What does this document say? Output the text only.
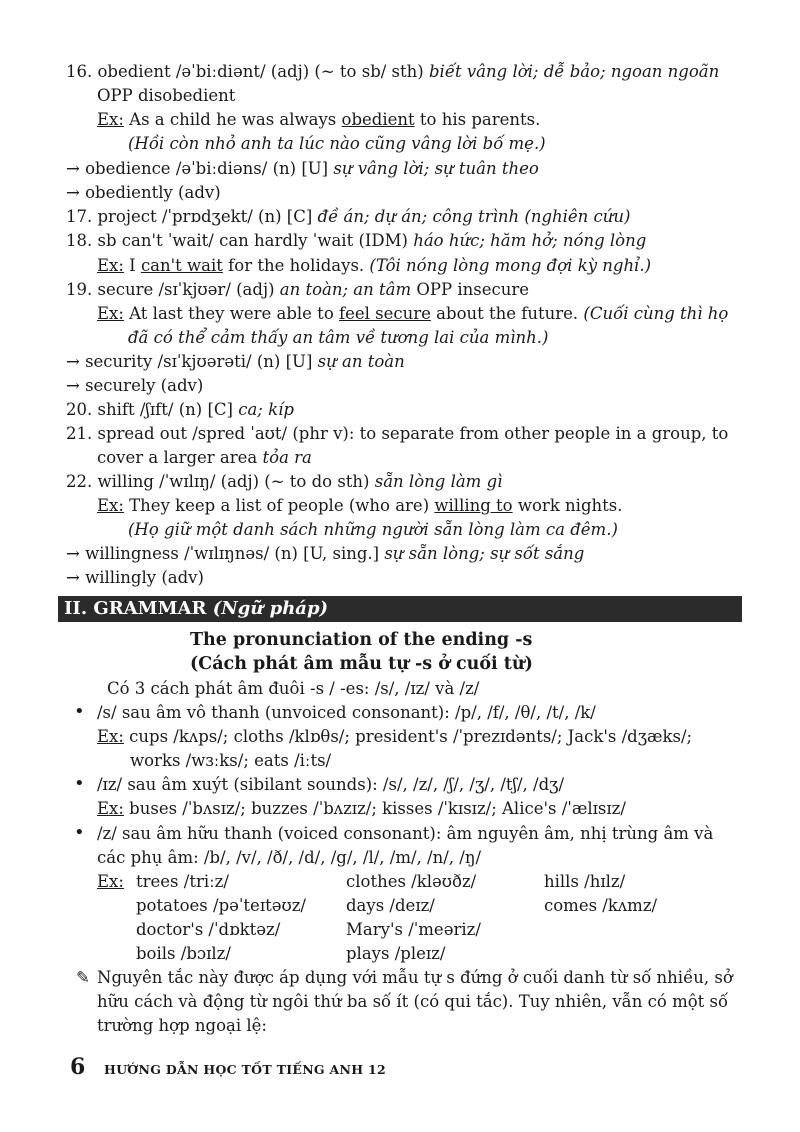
16. obedient /əˈbiːdiənt/ (adj) (~ to sb/ sth) biết vâng lời; dễ bảo; ngoan ngoãn
OPP disobedient
Ex: As a child he was always obedient to his parents.
(Hồi còn nhỏ anh ta lúc nào cũng vâng lời bố mẹ.)
→ obedience /əˈbiːdiəns/ (n) [U] sự vâng lời; sự tuân theo
→ obediently (adv)
17. project /ˈprɒdʒekt/ (n) [C] đề án; dự án; công trình (nghiên cứu)
18. sb can't ˈwait/ can hardly ˈwait (IDM) háo hức; hăm hở; nóng lòng
Ex: I can't wait for the holidays. (Tôi nóng lòng mong đợi kỳ nghỉ.)
19. secure /sɪˈkjʊər/ (adj) an toàn; an tâm OPP insecure
Ex: At last they were able to feel secure about the future. (Cuối cùng thì họ
đã có thể cảm thấy an tâm về tương lai của mình.)
→ security /sɪˈkjʊərəti/ (n) [U] sự an toàn
→ securely (adv)
20. shift /ʃɪft/ (n) [C] ca; kíp
21. spread out /spred ˈaʊt/ (phr v): to separate from other people in a group, to
cover a larger area tỏa ra
22. willing /ˈwɪlɪŋ/ (adj) (~ to do sth) sẵn lòng làm gì
Ex: They keep a list of people (who are) willing to work nights.
(Họ giữ một danh sách những người sẵn lòng làm ca đêm.)
→ willingness /ˈwɪlɪŋnəs/ (n) [U, sing.] sự sẵn lòng; sự sốt sắng
→ willingly (adv)
II. GRAMMAR (Ngữ pháp)
The pronunciation of the ending -s
(Cách phát âm mẫu tự -s ở cuối từ)
Có 3 cách phát âm đuôi -s / -es: /s/, /ɪz/ và /z/
• /s/ sau âm vô thanh (unvoiced consonant): /p/, /f/, /θ/, /t/, /k/
Ex: cups /kʌps/; cloths /klɒθs/; president's /ˈprezɪdənts/; Jack's /dʒæks/;
works /wɜːks/; eats /iːts/
• /ɪz/ sau âm xuýt (sibilant sounds): /s/, /z/, /ʃ/, /ʒ/, /tʃ/, /dʒ/
Ex: buses /ˈbʌsɪz/; buzzes /ˈbʌzɪz/; kisses /ˈkɪsɪz/; Alice's /ˈælɪsɪz/
• /z/ sau âm hữu thanh (voiced consonant): âm nguyên âm, nhị trùng âm và
các phụ âm: /b/, /v/, /ð/, /d/, /g/, /l/, /m/, /n/, /ŋ/
Ex: trees /triːz/	clothes /kləʊðz/	hills /hɪlz/
potatoes /pəˈteɪtəʊz/ days /deɪz/	comes /kʌmz/
doctor's /ˈdɒktəz/	Mary's /ˈmeəriz/
boils /bɔɪlz/	plays /pleɪz/
✎ Nguyên tắc này được áp dụng với mẫu tự s đứng ở cuối danh từ số nhiều, sở
hữu cách và động từ ngôi thứ ba số ít (có qui tắc). Tuy nhiên, vẫn có một số
trường hợp ngoại lệ:
6 HƯỚNG DẪN HỌC TỐT TIẾNG ANH 12
